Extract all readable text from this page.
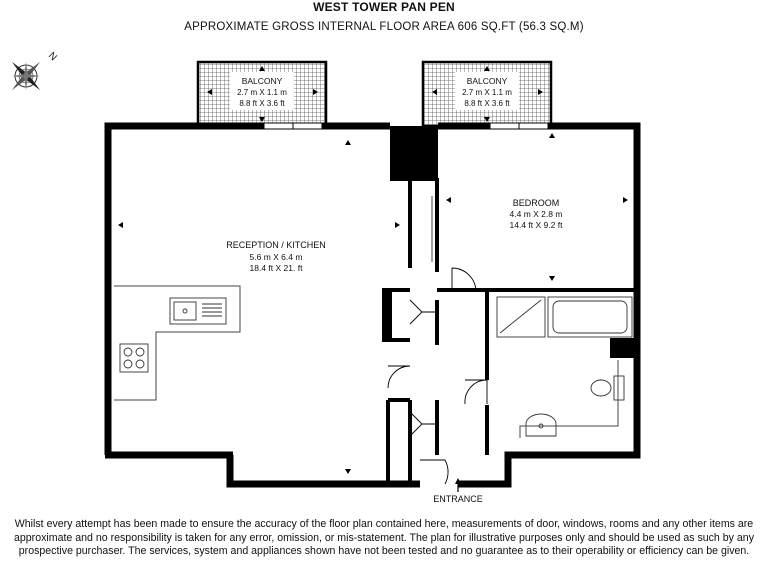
WEST TOWER PAN PEN
APPROXIMATE GROSS INTERNAL FLOOR AREA 606 SQ.FT (56.3 SQ.M)
N
BALCONY
2.7 m X 1.1 m
8.8 ft X 3.6 ft
BALCONY
2.7 m X 1.1 m
8.8 ft X 3.6 ft
RECEPTION / KITCHEN
5.6 m X 6.4 m
18.4 ft X 21. ft
BEDROOM
4.4 m X 2.8 m
14.4 ft X 9.2 ft
ENTRANCE
Whilst every attempt has been made to ensure the accuracy of the floor plan contained here, measurements of door, windows, rooms and any other items are approximate and no responsibility is taken for any error, omission, or mis-statement. The plan for illustrative purposes only and should be used as such by any prospective purchaser. The services, system and appliances shown have not been tested and no guarantee as to their operability or efficiency can be given.
